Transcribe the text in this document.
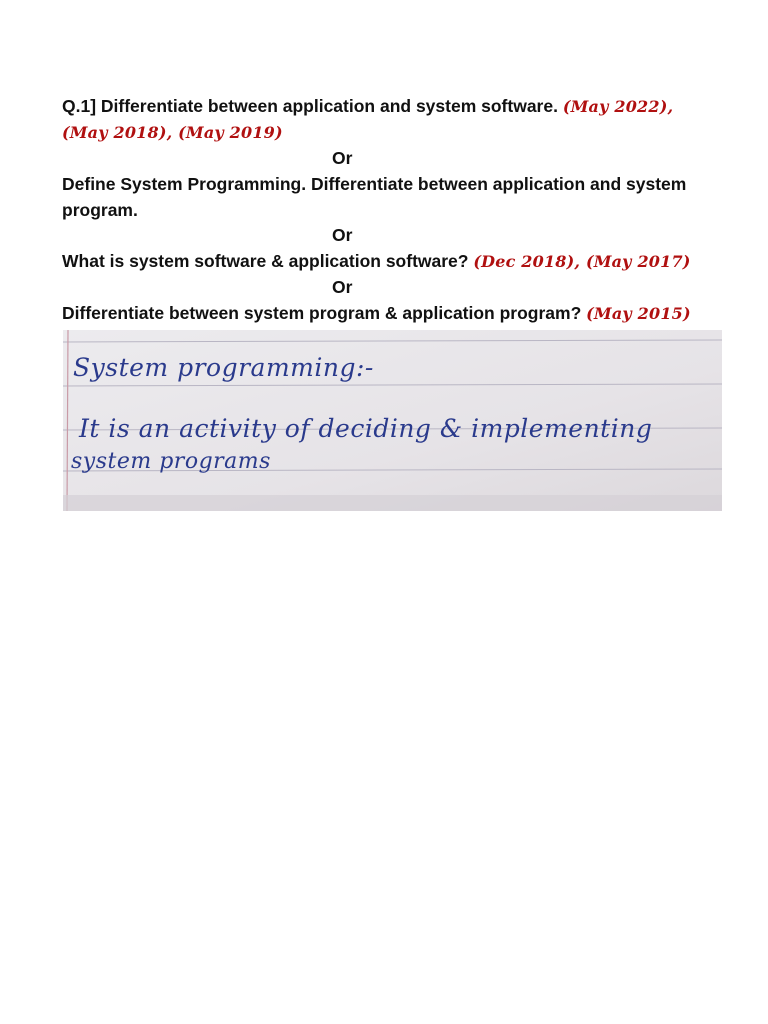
Q.1] Differentiate between application and system software. (May 2022),
(May 2018), (May 2019)
Or
Define System Programming. Differentiate between application and system
program.
Or
What is system software & application software? (Dec 2018), (May 2017)
Or
Differentiate between system program & application program? (May 2015)
System programming:-
It is an activity of deciding & implementing
system programs
